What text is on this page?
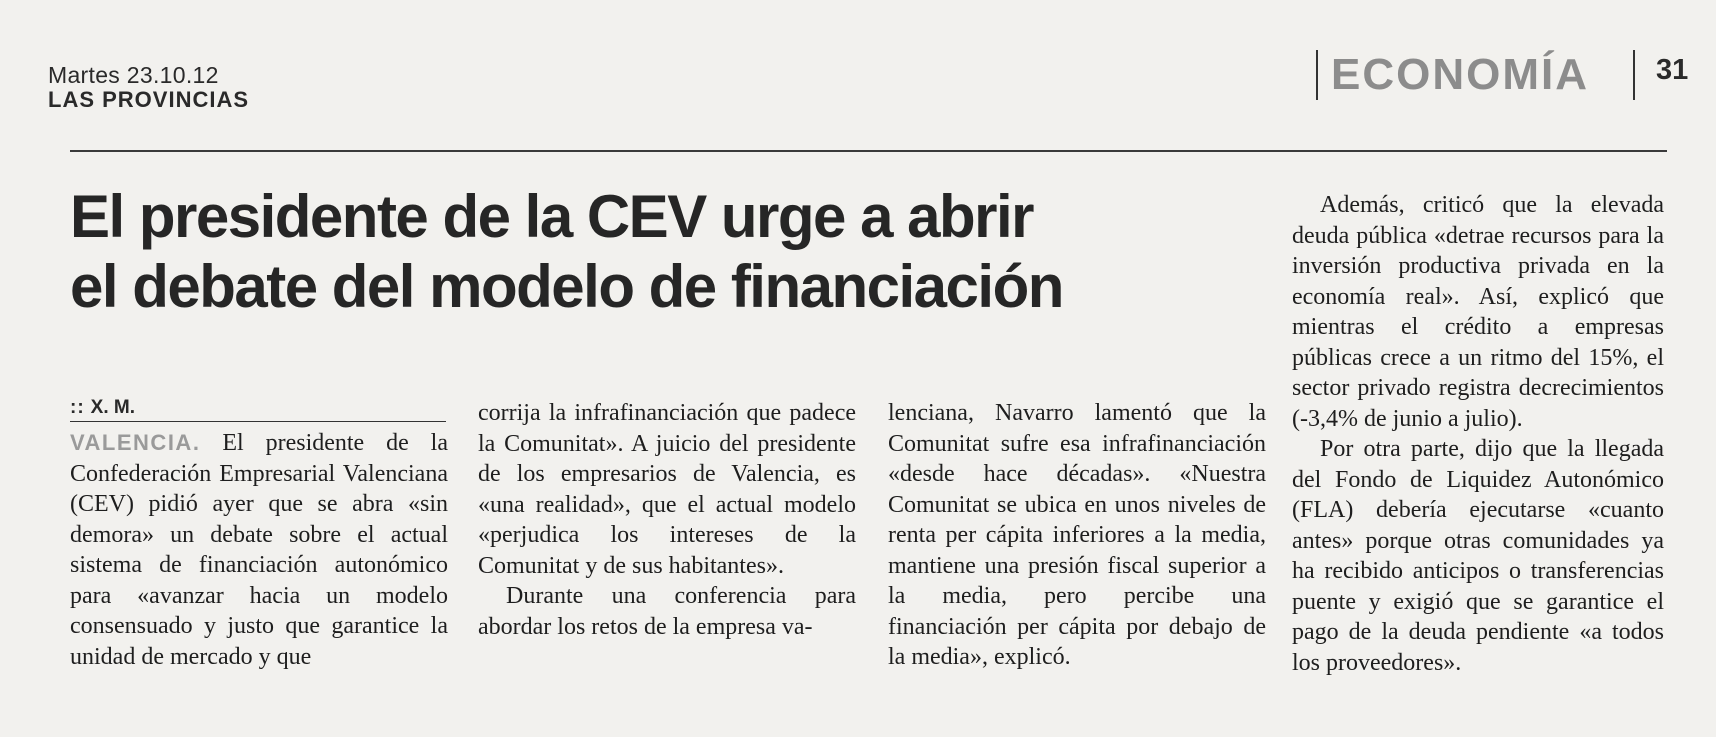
Martes 23.10.12
LAS PROVINCIAS
ECONOMÍA 31
El presidente de la CEV urge a abrir
el debate del modelo de financiación
:: X. M.

VALENCIA. El presidente de la Confederación Empresarial Valenciana (CEV) pidió ayer que se abra «sin demora» un debate sobre el actual sistema de financiación autonómico para «avanzar hacia un modelo consensuado y justo que garantice la unidad de mercado y que

corrija la infrafinanciación que padece la Comunitat». A juicio del presidente de los empresarios de Valencia, es «una realidad», que el actual modelo «perjudica los intereses de la Comunitat y de sus habitantes».

Durante una conferencia para abordar los retos de la empresa va-

lenciana, Navarro lamentó que la Comunitat sufre esa infrafinanciación «desde hace décadas». «Nuestra Comunitat se ubica en unos niveles de renta per cápita inferiores a la media, mantiene una presión fiscal superior a la media, pero percibe una financiación per cápita por debajo de la media», explicó.

Además, criticó que la elevada deuda pública «detrae recursos para la inversión productiva privada en la economía real». Así, explicó que mientras el crédito a empresas públicas crece a un ritmo del 15%, el sector privado registra decrecimientos (-3,4% de junio a julio).

Por otra parte, dijo que la llegada del Fondo de Liquidez Autonómico (FLA) debería ejecutarse «cuanto antes» porque otras comunidades ya ha recibido anticipos o transferencias puente y exigió que se garantice el pago de la deuda pendiente «a todos los proveedores».
